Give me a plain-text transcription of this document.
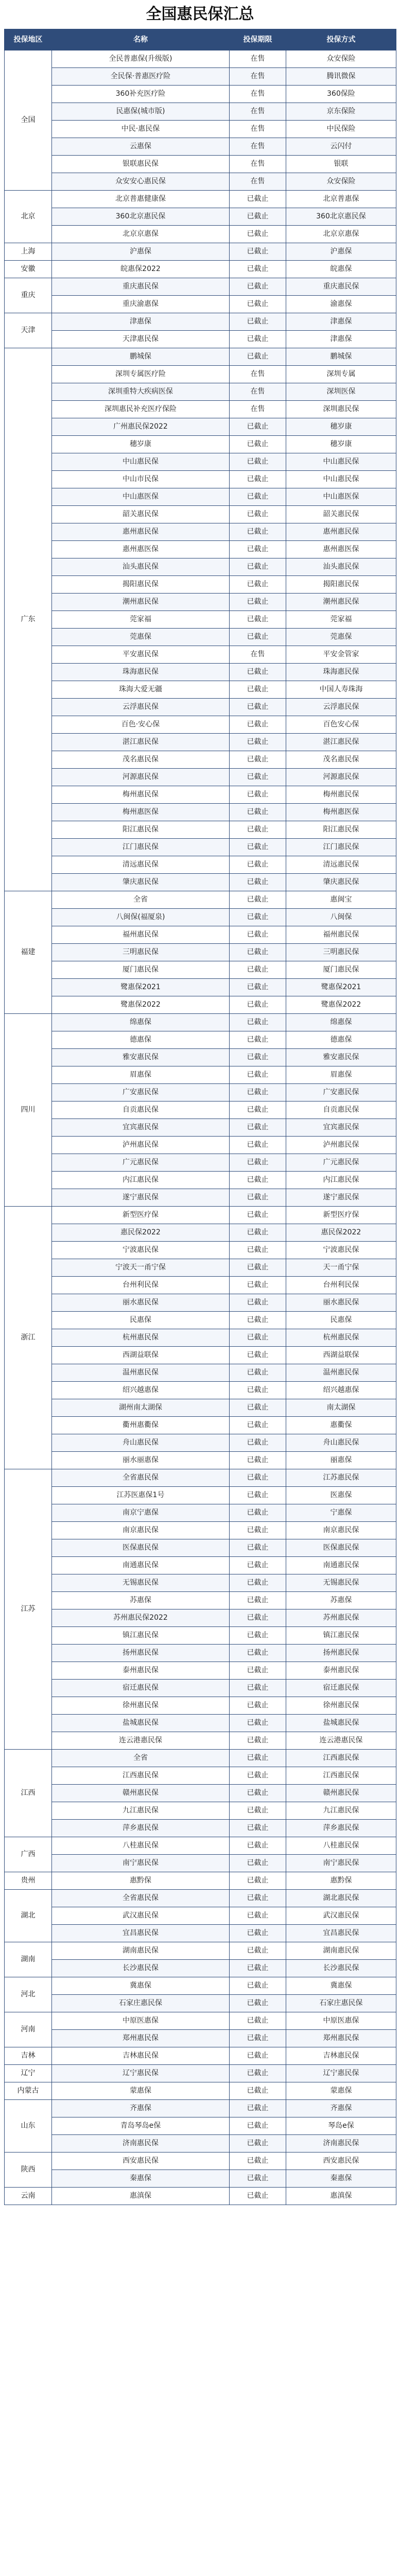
全国惠民保汇总
投保地区	名称	投保期限	投保方式
全国	全民普惠保(升级版)	在售	众安保险
	全民保·普惠医疗险	在售	腾讯微保
	360补充医疗险	在售	360保险
	民惠保(城市版)	在售	京东保险
	中民·惠民保	在售	中民保险
	云惠保	在售	云闪付
	银联惠民保	在售	银联
	众安安心惠民保	在售	众安保险
北京	北京普惠健康保	已截止	北京普惠保
	360北京惠民保	已截止	360北京惠民保
	北京京惠保	已截止	北京京惠保
上海	沪惠保	已截止	沪惠保
安徽	皖惠保2022	已截止	皖惠保
重庆	重庆惠民保	已截止	重庆惠民保
	重庆渝惠保	已截止	渝惠保
天津	津惠保	已截止	津惠保
	天津惠民保	已截止	津惠保
广东	鹏城保	已截止	鹏城保
	深圳专属医疗险	在售	深圳专属
	深圳重特大疾病医保	在售	深圳医保
	深圳惠民补充医疗保险	在售	深圳惠民保
	广州惠民保2022	已截止	穗岁康
	穗岁康	已截止	穗岁康
	中山惠民保	已截止	中山惠民保
	中山市民保	已截止	中山惠民保
	中山惠医保	已截止	中山惠医保
	韶关惠民保	已截止	韶关惠民保
	惠州惠民保	已截止	惠州惠民保
	惠州惠医保	已截止	惠州惠医保
	汕头惠民保	已截止	汕头惠民保
	揭阳惠民保	已截止	揭阳惠民保
	潮州惠民保	已截止	潮州惠民保
	莞家福	已截止	莞家福
	莞惠保	已截止	莞惠保
	平安惠民保	在售	平安金管家
	珠海惠民保	已截止	珠海惠民保
	珠海大爱无疆	已截止	中国人寿珠海
	云浮惠民保	已截止	云浮惠民保
	百色·安心保	已截止	百色安心保
	湛江惠民保	已截止	湛江惠民保
	茂名惠民保	已截止	茂名惠民保
	河源惠民保	已截止	河源惠民保
	梅州惠民保	已截止	梅州惠民保
	梅州惠医保	已截止	梅州惠医保
	阳江惠民保	已截止	阳江惠民保
	江门惠民保	已截止	江门惠民保
	清远惠民保	已截止	清远惠民保
	肇庆惠民保	已截止	肇庆惠民保
福建	全省	已截止	惠闽宝
	八闽保(福厦泉)	已截止	八闽保
	福州惠民保	已截止	福州惠民保
	三明惠民保	已截止	三明惠民保
	厦门惠民保	已截止	厦门惠民保
	鹭惠保2021	已截止	鹭惠保2021
	鹭惠保2022	已截止	鹭惠保2022
四川	绵惠保	已截止	绵惠保
	德惠保	已截止	德惠保
	雅安惠民保	已截止	雅安惠民保
	眉惠保	已截止	眉惠保
	广安惠民保	已截止	广安惠民保
	自贡惠民保	已截止	自贡惠民保
	宜宾惠民保	已截止	宜宾惠民保
	泸州惠民保	已截止	泸州惠民保
	广元惠民保	已截止	广元惠民保
	内江惠民保	已截止	内江惠民保
	遂宁惠民保	已截止	遂宁惠民保
浙江	新型医疗保	已截止	新型医疗保
	惠民保2022	已截止	惠民保2022
	宁波惠民保	已截止	宁波惠民保
	宁波天一甬宁保	已截止	天一甬宁保
	台州利民保	已截止	台州利民保
	丽水惠民保	已截止	丽水惠民保
	民惠保	已截止	民惠保
	杭州惠民保	已截止	杭州惠民保
	西湖益联保	已截止	西湖益联保
	温州惠民保	已截止	温州惠民保
	绍兴越惠保	已截止	绍兴越惠保
	湖州南太湖保	已截止	南太湖保
	衢州惠衢保	已截止	惠衢保
	舟山惠民保	已截止	舟山惠民保
	丽水丽惠保	已截止	丽惠保
江苏	全省惠民保	已截止	江苏惠民保
	江苏医惠保1号	已截止	医惠保
	南京宁惠保	已截止	宁惠保
	南京惠民保	已截止	南京惠民保
	医保惠民保	已截止	医保惠民保
	南通惠民保	已截止	南通惠民保
	无锡惠民保	已截止	无锡惠民保
	苏惠保	已截止	苏惠保
	苏州惠民保2022	已截止	苏州惠民保
	镇江惠民保	已截止	镇江惠民保
	扬州惠民保	已截止	扬州惠民保
	泰州惠民保	已截止	泰州惠民保
	宿迁惠民保	已截止	宿迁惠民保
	徐州惠民保	已截止	徐州惠民保
	盐城惠民保	已截止	盐城惠民保
	连云港惠民保	已截止	连云港惠民保
江西	全省	已截止	江西惠民保
	江西惠民保	已截止	江西惠民保
	赣州惠民保	已截止	赣州惠民保
	九江惠民保	已截止	九江惠民保
	萍乡惠民保	已截止	萍乡惠民保
广西	八桂惠民保	已截止	八桂惠民保
	南宁惠民保	已截止	南宁惠民保
贵州	惠黔保	已截止	惠黔保
湖北	全省惠民保	已截止	湖北惠民保
	武汉惠民保	已截止	武汉惠民保
	宜昌惠民保	已截止	宜昌惠民保
湖南	湖南惠民保	已截止	湖南惠民保
	长沙惠民保	已截止	长沙惠民保
河北	冀惠保	已截止	冀惠保
	石家庄惠民保	已截止	石家庄惠民保
河南	中原医惠保	已截止	中原医惠保
	郑州惠民保	已截止	郑州惠民保
吉林	吉林惠民保	已截止	吉林惠民保
辽宁	辽宁惠民保	已截止	辽宁惠民保
内蒙古	蒙惠保	已截止	蒙惠保
山东	齐惠保	已截止	齐惠保
	青岛琴岛e保	已截止	琴岛e保
	济南惠民保	已截止	济南惠民保
陕西	西安惠民保	已截止	西安惠民保
	秦惠保	已截止	秦惠保
云南	惠滇保	已截止	惠滇保
